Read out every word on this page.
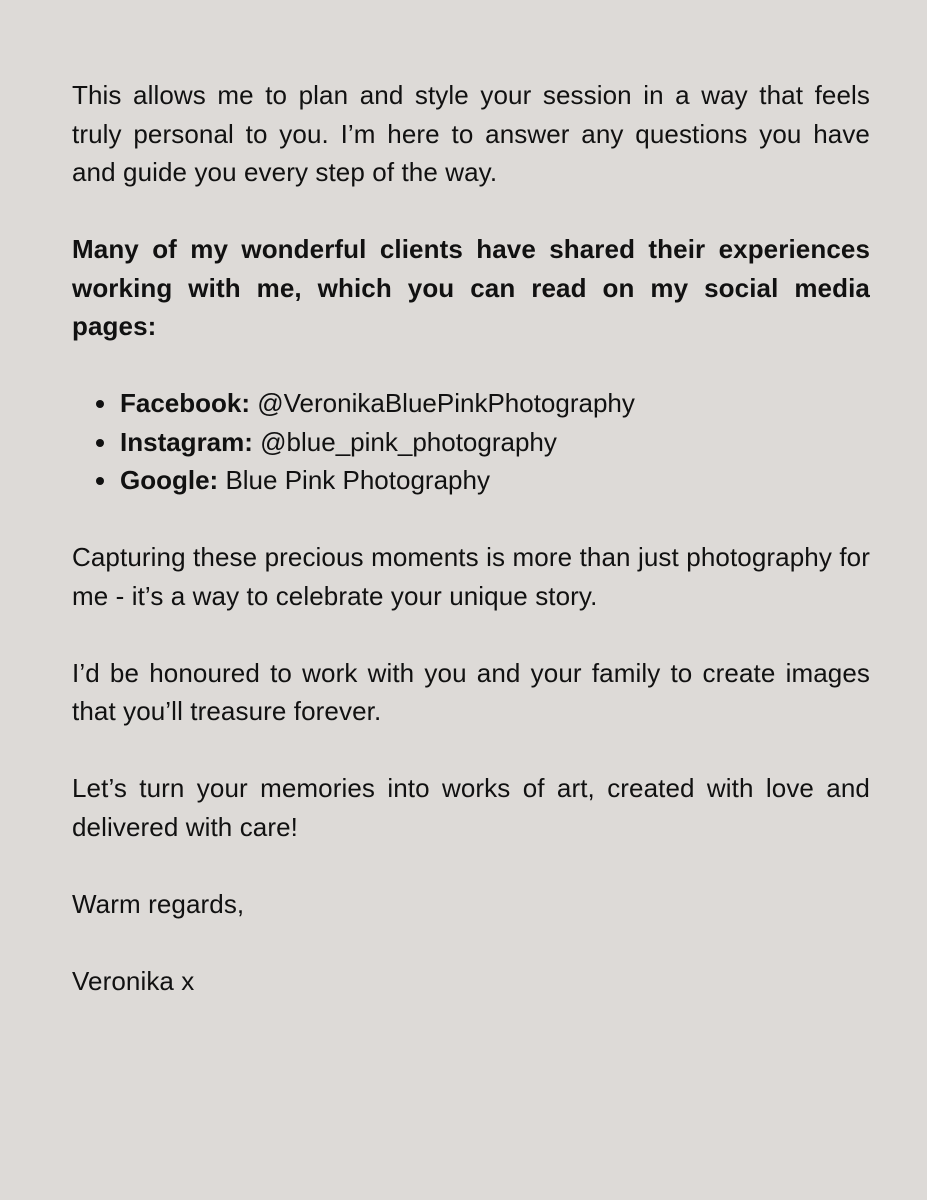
This allows me to plan and style your session in a way that feels truly personal to you. I’m here to answer any questions you have and guide you every step of the way.

Many of my wonderful clients have shared their experiences working with me, which you can read on my social media pages:

Facebook: @VeronikaBluePinkPhotography
Instagram: @blue_pink_photography
Google: Blue Pink Photography

Capturing these precious moments is more than just photography for me - it’s a way to celebrate your unique story.

I’d be honoured to work with you and your family to create images that you’ll treasure forever.

Let’s turn your memories into works of art, created with love and delivered with care!

Warm regards,

Veronika x
